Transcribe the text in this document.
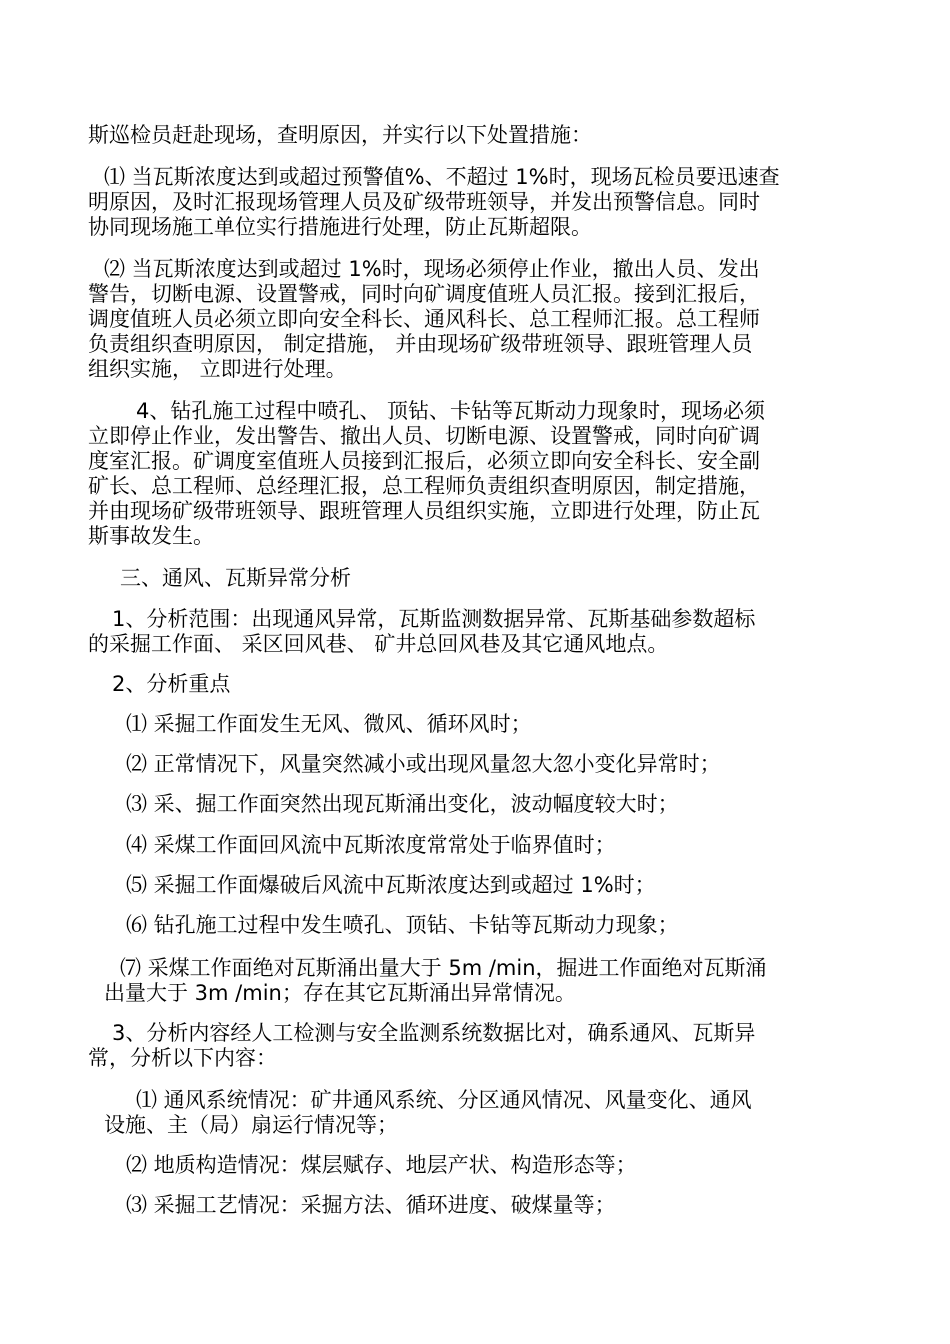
斯巡检员赶赴现场，查明原因，并实行以下处置措施：
⑴ 当瓦斯浓度达到或超过预警值%、不超过 1%时，现场瓦检员要迅速查
明原因，及时汇报现场管理人员及矿级带班领导，并发出预警信息。同时
协同现场施工单位实行措施进行处理，防止瓦斯超限。
⑵ 当瓦斯浓度达到或超过 1%时，现场必须停止作业，撤出人员、发出
警告，切断电源、设置警戒，同时向矿调度值班人员汇报。接到汇报后，
调度值班人员必须立即向安全科长、通风科长、总工程师汇报。总工程师
负责组织查明原因， 制定措施， 并由现场矿级带班领导、跟班管理人员
组织实施， 立即进行处理。
4、钻孔施工过程中喷孔、 顶钻、卡钻等瓦斯动力现象时，现场必须
立即停止作业，发出警告、撤出人员、切断电源、设置警戒，同时向矿调
度室汇报。矿调度室值班人员接到汇报后，必须立即向安全科长、安全副
矿长、总工程师、总经理汇报，总工程师负责组织查明原因，制定措施，
并由现场矿级带班领导、跟班管理人员组织实施，立即进行处理，防止瓦
斯事故发生。
三、通风、瓦斯异常分析
1、分析范围：出现通风异常，瓦斯监测数据异常、瓦斯基础参数超标
的采掘工作面、 采区回风巷、 矿井总回风巷及其它通风地点。
2、分析重点
⑴ 采掘工作面发生无风、微风、循环风时；
⑵ 正常情况下，风量突然减小或出现风量忽大忽小变化异常时；
⑶ 采、掘工作面突然出现瓦斯涌出变化，波动幅度较大时；
⑷ 采煤工作面回风流中瓦斯浓度常常处于临界值时；
⑸ 采掘工作面爆破后风流中瓦斯浓度达到或超过 1%时；
⑹ 钻孔施工过程中发生喷孔、顶钻、卡钻等瓦斯动力现象；
⑺ 采煤工作面绝对瓦斯涌出量大于 5m /min，掘进工作面绝对瓦斯涌
出量大于 3m /min；存在其它瓦斯涌出异常情况。
3、分析内容经人工检测与安全监测系统数据比对，确系通风、瓦斯异
常，分析以下内容：
⑴ 通风系统情况：矿井通风系统、分区通风情况、风量变化、通风
设施、主（局）扇运行情况等；
⑵ 地质构造情况：煤层赋存、地层产状、构造形态等；
⑶ 采掘工艺情况：采掘方法、循环进度、破煤量等；
